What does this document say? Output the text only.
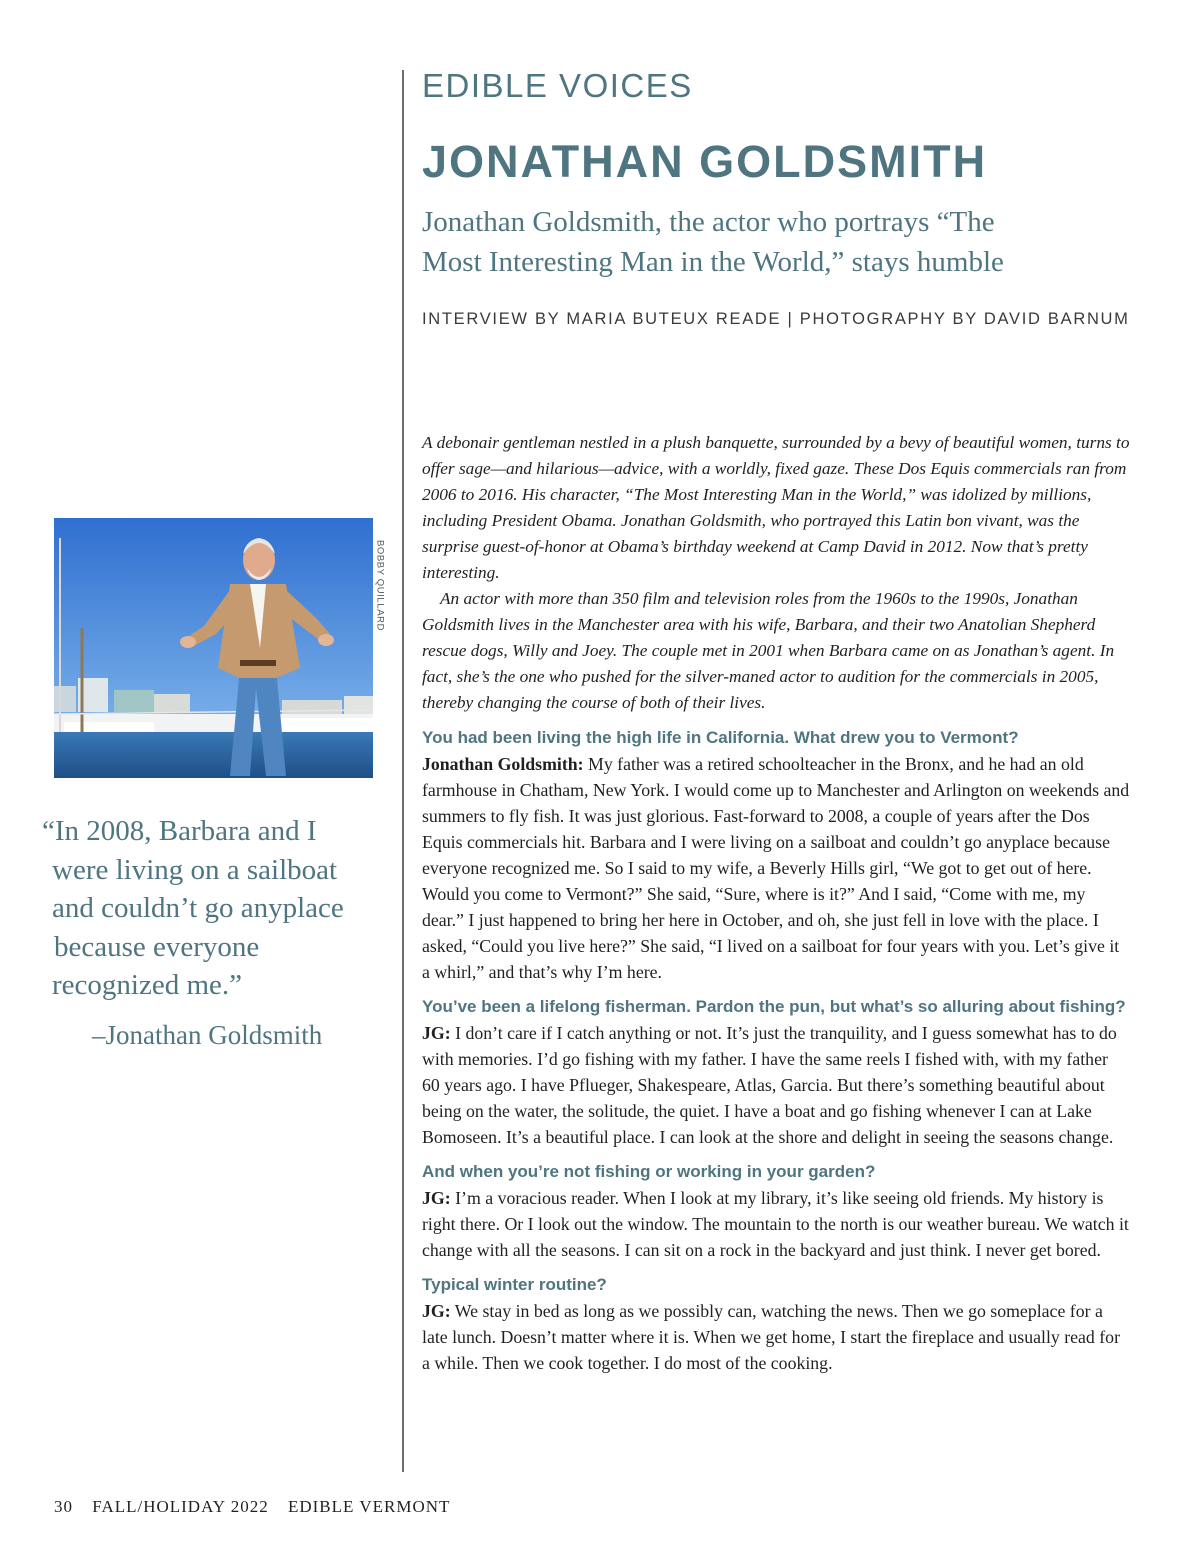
EDIBLE VOICES
JONATHAN GOLDSMITH
Jonathan Goldsmith, the actor who portrays “The
Most Interesting Man in the World,” stays humble
INTERVIEW BY MARIA BUTEUX READE | PHOTOGRAPHY BY DAVID BARNUM
BOBBY QUILLARD
“In 2008, Barbara and I
were living on a sailboat
and couldn’t go anyplace
because everyone
recognized me.”
–Jonathan Goldsmith

A debonair gentleman nestled in a plush banquette, surrounded by a bevy of beautiful women, turns to offer sage—and hilarious—advice, with a worldly, fixed gaze. These Dos Equis commercials ran from 2006 to 2016. His character, “The Most Interesting Man in the World,” was idolized by millions, including President Obama. Jonathan Goldsmith, who portrayed this Latin bon vivant, was the surprise guest-of-honor at Obama’s birthday weekend at Camp David in 2012. Now that’s pretty interesting.

An actor with more than 350 film and television roles from the 1960s to the 1990s, Jonathan Goldsmith lives in the Manchester area with his wife, Barbara, and their two Anatolian Shepherd rescue dogs, Willy and Joey. The couple met in 2001 when Barbara came on as Jonathan’s agent. In fact, she’s the one who pushed for the silver-maned actor to audition for the commercials in 2005, thereby changing the course of both of their lives.

You had been living the high life in California. What drew you to Vermont?

Jonathan Goldsmith: My father was a retired schoolteacher in the Bronx, and he had an old farmhouse in Chatham, New York. I would come up to Manchester and Arlington on weekends and summers to fly fish. It was just glorious. Fast-forward to 2008, a couple of years after the Dos Equis commercials hit. Barbara and I were living on a sailboat and couldn’t go anyplace because everyone recognized me. So I said to my wife, a Beverly Hills girl, “We got to get out of here. Would you come to Vermont?” She said, “Sure, where is it?” And I said, “Come with me, my dear.” I just happened to bring her here in October, and oh, she just fell in love with the place. I asked, “Could you live here?” She said, “I lived on a sailboat for four years with you. Let’s give it a whirl,” and that’s why I’m here.

You’ve been a lifelong fisherman. Pardon the pun, but what’s so alluring about fishing?

JG: I don’t care if I catch anything or not. It’s just the tranquility, and I guess somewhat has to do with memories. I’d go fishing with my father. I have the same reels I fished with, with my father 60 years ago. I have Pflueger, Shakespeare, Atlas, Garcia. But there’s something beautiful about being on the water, the solitude, the quiet. I have a boat and go fishing whenever I can at Lake Bomoseen. It’s a beautiful place. I can look at the shore and delight in seeing the seasons change.

And when you’re not fishing or working in your garden?

JG: I’m a voracious reader. When I look at my library, it’s like seeing old friends. My history is right there. Or I look out the window. The mountain to the north is our weather bureau. We watch it change with all the seasons. I can sit on a rock in the backyard and just think. I never get bored.

Typical winter routine?

JG: We stay in bed as long as we possibly can, watching the news. Then we go someplace for a late lunch. Doesn’t matter where it is. When we get home, I start the fireplace and usually read for a while. Then we cook together. I do most of the cooking.

30 FALL/HOLIDAY 2022 EDIBLE VERMONT
